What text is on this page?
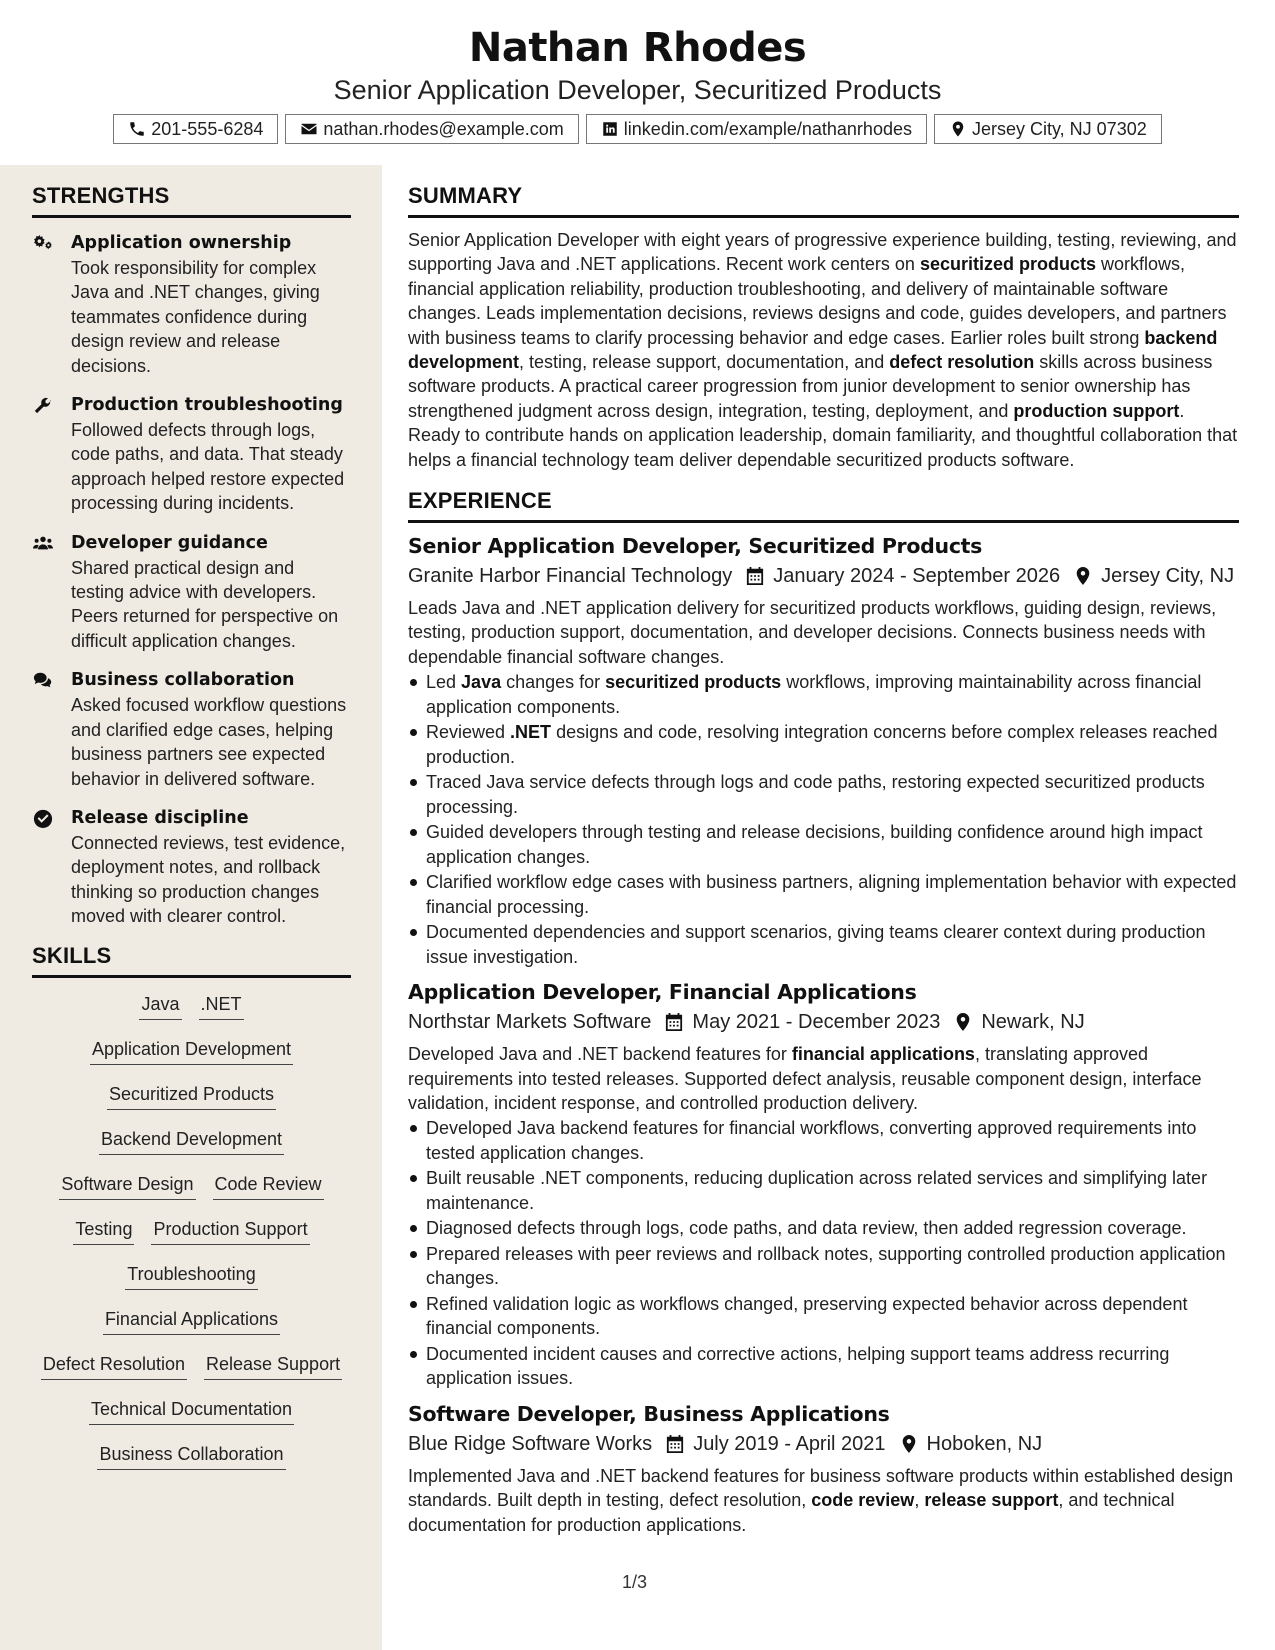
Nathan Rhodes
Senior Application Developer, Securitized Products
201-555-6284	nathan.rhodes@example.com	linkedin.com/example/nathanrhodes	Jersey City, NJ 07302
STRENGTHS
Application ownership
Took responsibility for complex Java and .NET changes, giving teammates confidence during design review and release decisions.
Production troubleshooting
Followed defects through logs, code paths, and data. That steady approach helped restore expected processing during incidents.
Developer guidance
Shared practical design and testing advice with developers. Peers returned for perspective on difficult application changes.
Business collaboration
Asked focused workflow questions and clarified edge cases, helping business partners see expected behavior in delivered software.
Release discipline
Connected reviews, test evidence, deployment notes, and rollback thinking so production changes moved with clearer control.
SKILLS
Java .NET
Application Development
Securitized Products
Backend Development
Software Design Code Review
Testing Production Support
Troubleshooting
Financial Applications
Defect Resolution Release Support
Technical Documentation
Business Collaboration
SUMMARY
Senior Application Developer with eight years of progressive experience building, testing, reviewing, and supporting Java and .NET applications. Recent work centers on securitized products workflows, financial application reliability, production troubleshooting, and delivery of maintainable software changes. Leads implementation decisions, reviews designs and code, guides developers, and partners with business teams to clarify processing behavior and edge cases. Earlier roles built strong backend development, testing, release support, documentation, and defect resolution skills across business software products. A practical career progression from junior development to senior ownership has strengthened judgment across design, integration, testing, deployment, and production support. Ready to contribute hands on application leadership, domain familiarity, and thoughtful collaboration that helps a financial technology team deliver dependable securitized products software.
EXPERIENCE
Senior Application Developer, Securitized Products
Granite Harbor Financial Technology January 2024 - September 2026 Jersey City, NJ
Leads Java and .NET application delivery for securitized products workflows, guiding design, reviews, testing, production support, documentation, and developer decisions. Connects business needs with dependable financial software changes.
Led Java changes for securitized products workflows, improving maintainability across financial application components.
Reviewed .NET designs and code, resolving integration concerns before complex releases reached production.
Traced Java service defects through logs and code paths, restoring expected securitized products processing.
Guided developers through testing and release decisions, building confidence around high impact application changes.
Clarified workflow edge cases with business partners, aligning implementation behavior with expected financial processing.
Documented dependencies and support scenarios, giving teams clearer context during production issue investigation.
Application Developer, Financial Applications
Northstar Markets Software May 2021 - December 2023 Newark, NJ
Developed Java and .NET backend features for financial applications, translating approved requirements into tested releases. Supported defect analysis, reusable component design, interface validation, incident response, and controlled production delivery.
Developed Java backend features for financial workflows, converting approved requirements into tested application changes.
Built reusable .NET components, reducing duplication across related services and simplifying later maintenance.
Diagnosed defects through logs, code paths, and data review, then added regression coverage.
Prepared releases with peer reviews and rollback notes, supporting controlled production application changes.
Refined validation logic as workflows changed, preserving expected behavior across dependent financial components.
Documented incident causes and corrective actions, helping support teams address recurring application issues.
Software Developer, Business Applications
Blue Ridge Software Works July 2019 - April 2021 Hoboken, NJ
Implemented Java and .NET backend features for business software products within established design standards. Built depth in testing, defect resolution, code review, release support, and technical documentation for production applications.
1/3
